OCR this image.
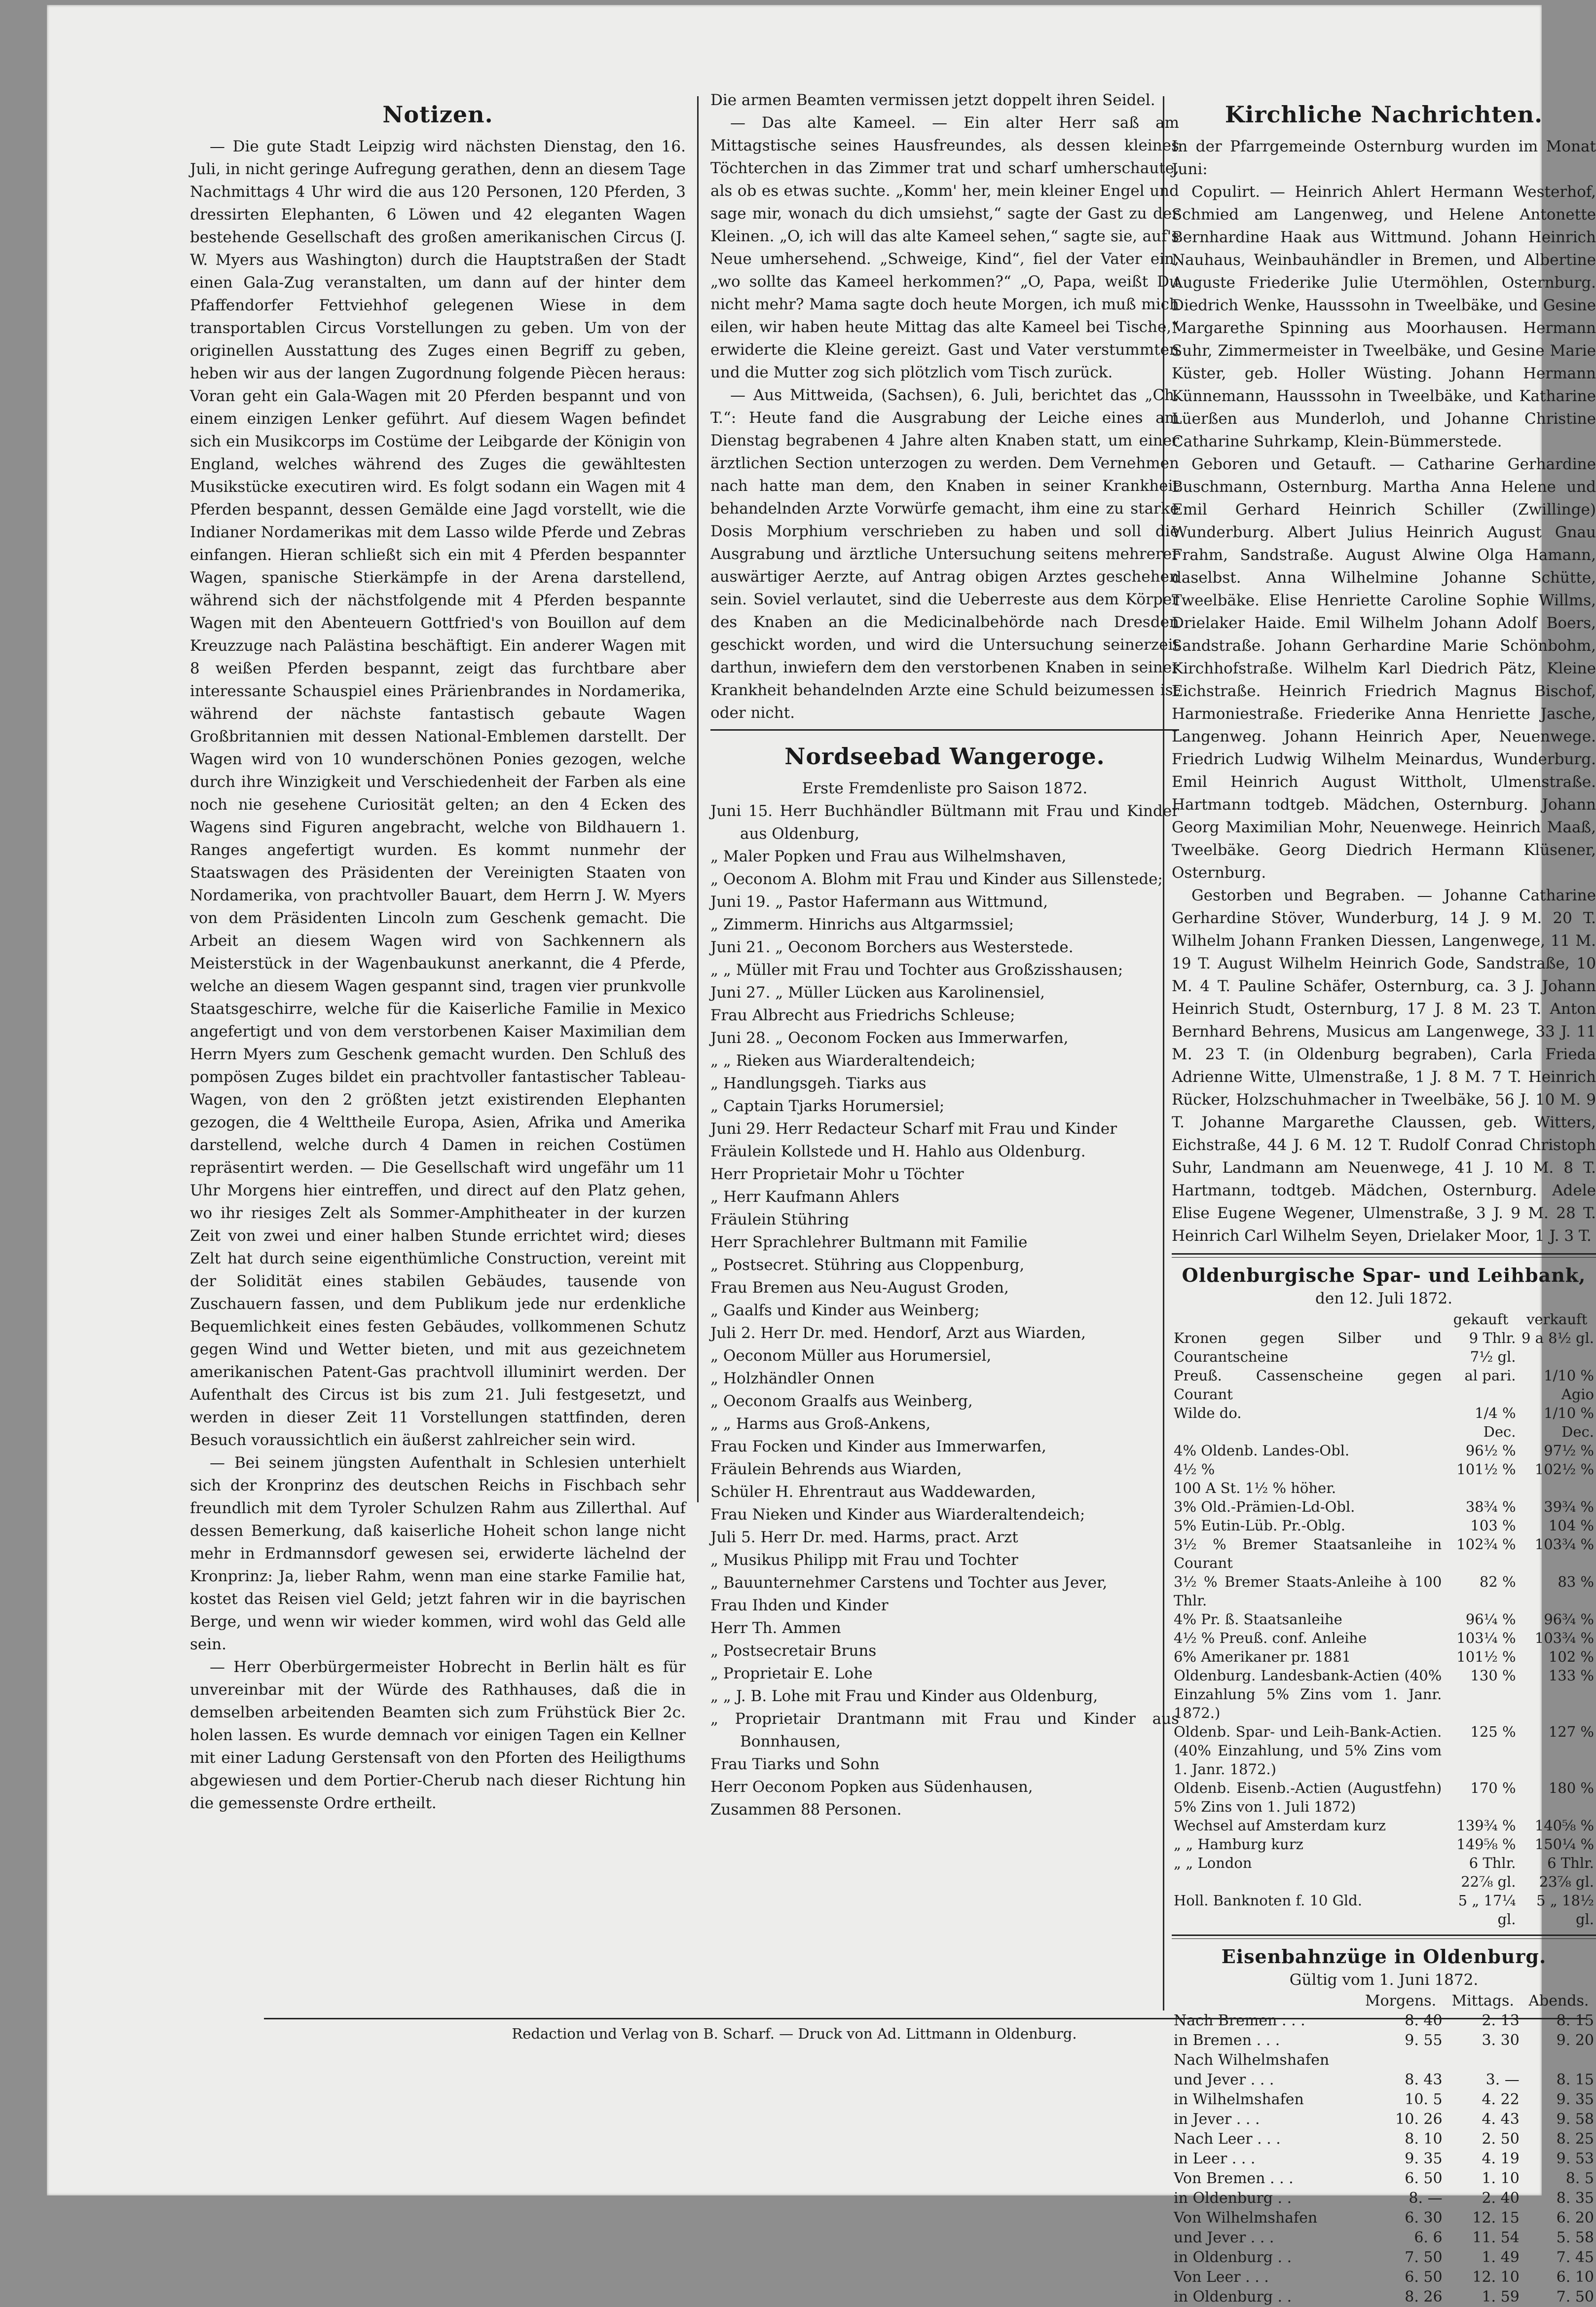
Notizen.

— Die gute Stadt Leipzig wird nächsten Dienstag, den 16. Juli, in nicht geringe Aufregung gerathen, denn an diesem Tage Nachmittags 4 Uhr wird die aus 120 Personen, 120 Pferden, 3 dressirten Elephanten, 6 Löwen und 42 eleganten Wagen bestehende Gesellschaft des großen amerikanischen Circus (J. W. Myers aus Washington) durch die Hauptstraßen der Stadt einen Gala-Zug veranstalten, um dann auf der hinter dem Pfaffendorfer Fettviehhof gelegenen Wiese in dem transportablen Circus Vorstellungen zu geben. Um von der originellen Ausstattung des Zuges einen Begriff zu geben, heben wir aus der langen Zugordnung folgende Piècen heraus: Voran geht ein Gala-Wagen mit 20 Pferden bespannt und von einem einzigen Lenker geführt. Auf diesem Wagen befindet sich ein Musikcorps im Costüme der Leibgarde der Königin von England, welches während des Zuges die gewähltesten Musikstücke executiren wird. Es folgt sodann ein Wagen mit 4 Pferden bespannt, dessen Gemälde eine Jagd vorstellt, wie die Indianer Nordamerikas mit dem Lasso wilde Pferde und Zebras einfangen. Hieran schließt sich ein mit 4 Pferden bespannter Wagen, spanische Stierkämpfe in der Arena darstellend, während sich der nächstfolgende mit 4 Pferden bespannte Wagen mit den Abenteuern Gottfried's von Bouillon auf dem Kreuzzuge nach Palästina beschäftigt. Ein anderer Wagen mit 8 weißen Pferden bespannt, zeigt das furchtbare aber interessante Schauspiel eines Prärienbrandes in Nordamerika, während der nächste fantastisch gebaute Wagen Großbritannien mit dessen National-Emblemen darstellt. Der Wagen wird von 10 wunderschönen Ponies gezogen, welche durch ihre Winzigkeit und Verschiedenheit der Farben als eine noch nie gesehene Curiosität gelten; an den 4 Ecken des Wagens sind Figuren angebracht, welche von Bildhauern 1. Ranges angefertigt wurden. Es kommt nunmehr der Staatswagen des Präsidenten der Vereinigten Staaten von Nordamerika, von prachtvoller Bauart, dem Herrn J. W. Myers von dem Präsidenten Lincoln zum Geschenk gemacht. Die Arbeit an diesem Wagen wird von Sachkennern als Meisterstück in der Wagenbaukunst anerkannt, die 4 Pferde, welche an diesem Wagen gespannt sind, tragen vier prunkvolle Staatsgeschirre, welche für die Kaiserliche Familie in Mexico angefertigt und von dem verstorbenen Kaiser Maximilian dem Herrn Myers zum Geschenk gemacht wurden. Den Schluß des pompösen Zuges bildet ein prachtvoller fantastischer Tableau-Wagen, von den 2 größten jetzt existirenden Elephanten gezogen, die 4 Welttheile Europa, Asien, Afrika und Amerika darstellend, welche durch 4 Damen in reichen Costümen repräsentirt werden. — Die Gesellschaft wird ungefähr um 11 Uhr Morgens hier eintreffen, und direct auf den Platz gehen, wo ihr riesiges Zelt als Sommer-Amphitheater in der kurzen Zeit von zwei und einer halben Stunde errichtet wird; dieses Zelt hat durch seine eigenthümliche Construction, vereint mit der Solidität eines stabilen Gebäudes, tausende von Zuschauern fassen, und dem Publikum jede nur erdenkliche Bequemlichkeit eines festen Gebäudes, vollkommenen Schutz gegen Wind und Wetter bieten, und mit aus gezeichnetem amerikanischen Patent-Gas prachtvoll illuminirt werden. Der Aufenthalt des Circus ist bis zum 21. Juli festgesetzt, und werden in dieser Zeit 11 Vorstellungen stattfinden, deren Besuch voraussichtlich ein äußerst zahlreicher sein wird.

— Bei seinem jüngsten Aufenthalt in Schlesien unterhielt sich der Kronprinz des deutschen Reichs in Fischbach sehr freundlich mit dem Tyroler Schulzen Rahm aus Zillerthal. Auf dessen Bemerkung, daß kaiserliche Hoheit schon lange nicht mehr in Erdmannsdorf gewesen sei, erwiderte lächelnd der Kronprinz: Ja, lieber Rahm, wenn man eine starke Familie hat, kostet das Reisen viel Geld; jetzt fahren wir in die bayrischen Berge, und wenn wir wieder kommen, wird wohl das Geld alle sein.

— Herr Oberbürgermeister Hobrecht in Berlin hält es für unvereinbar mit der Würde des Rathhauses, daß die in demselben arbeitenden Beamten sich zum Frühstück Bier 2c. holen lassen. Es wurde demnach vor einigen Tagen ein Kellner mit einer Ladung Gerstensaft von den Pforten des Heiligthums abgewiesen und dem Portier-Cherub nach dieser Richtung hin die gemessenste Ordre ertheilt.

Die armen Beamten vermissen jetzt doppelt ihren Seidel.

— Das alte Kameel. — Ein alter Herr saß am Mittagstische seines Hausfreundes, als dessen kleines Töchterchen in das Zimmer trat und scharf umherschaute, als ob es etwas suchte. „Komm' her, mein kleiner Engel und sage mir, wonach du dich umsiehst,“ sagte der Gast zu der Kleinen. „O, ich will das alte Kameel sehen,“ sagte sie, auf's Neue umhersehend. „Schweige, Kind“, fiel der Vater ein, „wo sollte das Kameel herkommen?“ „O, Papa, weißt Du nicht mehr? Mama sagte doch heute Morgen, ich muß mich eilen, wir haben heute Mittag das alte Kameel bei Tische,“ erwiderte die Kleine gereizt. Gast und Vater verstummten und die Mutter zog sich plötzlich vom Tisch zurück.

— Aus Mittweida, (Sachsen), 6. Juli, berichtet das „Ch. T.“: Heute fand die Ausgrabung der Leiche eines am Dienstag begrabenen 4 Jahre alten Knaben statt, um einer ärztlichen Section unterzogen zu werden. Dem Vernehmen nach hatte man dem, den Knaben in seiner Krankheit behandelnden Arzte Vorwürfe gemacht, ihm eine zu starke Dosis Morphium verschrieben zu haben und soll die Ausgrabung und ärztliche Untersuchung seitens mehrerer auswärtiger Aerzte, auf Antrag obigen Arztes geschehen sein. Soviel verlautet, sind die Ueberreste aus dem Körper des Knaben an die Medicinalbehörde nach Dresden geschickt worden, und wird die Untersuchung seinerzeit darthun, inwiefern dem den verstorbenen Knaben in seiner Krankheit behandelnden Arzte eine Schuld beizumessen ist oder nicht.

Nordseebad Wangeroge.
Erste Fremdenliste pro Saison 1872.
Juni 15. Herr Buchhändler Bültmann mit Frau und Kinder aus Oldenburg,
„ Maler Popken und Frau aus Wilhelmshaven,
„ Oeconom A. Blohm mit Frau und Kinder aus Sillenstede;
Juni 19. „ Pastor Hafermann aus Wittmund,
„ Zimmerm. Hinrichs aus Altgarmssiel;
Juni 21. „ Oeconom Borchers aus Westerstede.
„ „ Müller mit Frau und Tochter aus Großzisshausen;
Juni 27. „ Müller Lücken aus Karolinensiel,
Frau Albrecht aus Friedrichs Schleuse;
Juni 28. „ Oeconom Focken aus Immerwarfen,
„ „ Rieken aus Wiarderaltendeich;
„ Handlungsgeh. Tiarks aus
„ Captain Tjarks Horumersiel;
Juni 29. Herr Redacteur Scharf mit Frau und Kinder
Fräulein Kollstede und H. Hahlo aus Oldenburg.
Herr Proprietair Mohr u Töchter
„ Herr Kaufmann Ahlers
Fräulein Stühring
Herr Sprachlehrer Bultmann mit Familie
„ Postsecret. Stühring aus Cloppenburg,
Frau Bremen aus Neu-August Groden,
„ Gaalfs und Kinder aus Weinberg;
Juli 2. Herr Dr. med. Hendorf, Arzt aus Wiarden,
„ Oeconom Müller aus Horumersiel,
„ Holzhändler Onnen
„ Oeconom Graalfs aus Weinberg,
„ „ Harms aus Groß-Ankens,
Frau Focken und Kinder aus Immerwarfen,
Fräulein Behrends aus Wiarden,
Schüler H. Ehrentraut aus Waddewarden,
Frau Nieken und Kinder aus Wiarderaltendeich;
Juli 5. Herr Dr. med. Harms, pract. Arzt
„ Musikus Philipp mit Frau und Tochter
„ Bauunternehmer Carstens und Tochter aus Jever,
Frau Ihden und Kinder
Herr Th. Ammen
„ Postsecretair Bruns
„ Proprietair E. Lohe
„ „ J. B. Lohe mit Frau und Kinder aus Oldenburg,
„ Proprietair Drantmann mit Frau und Kinder aus Bonnhausen,
Frau Tiarks und Sohn
Herr Oeconom Popken aus Südenhausen,
Zusammen 88 Personen.
Kirchliche Nachrichten.

In der Pfarrgemeinde Osternburg wurden im Monat Juni:

Copulirt. — Heinrich Ahlert Hermann Westerhof, Schmied am Langenweg, und Helene Antonette Bernhardine Haak aus Wittmund. Johann Heinrich Nauhaus, Weinbauhändler in Bremen, und Albertine Auguste Friederike Julie Utermöhlen, Osternburg. Diedrich Wenke, Hausssohn in Tweelbäke, und Gesine Margarethe Spinning aus Moorhausen. Hermann Suhr, Zimmermeister in Tweelbäke, und Gesine Marie Küster, geb. Holler Wüsting. Johann Hermann Künnemann, Hausssohn in Tweelbäke, und Katharine Lüerßen aus Munderloh, und Johanne Christine Catharine Suhrkamp, Klein-Bümmerstede.

Geboren und Getauft. — Catharine Gerhardine Buschmann, Osternburg. Martha Anna Helene und Emil Gerhard Heinrich Schiller (Zwillinge) Wunderburg. Albert Julius Heinrich August Gnau Frahm, Sandstraße. August Alwine Olga Hamann, daselbst. Anna Wilhelmine Johanne Schütte, Tweelbäke. Elise Henriette Caroline Sophie Willms, Drielaker Haide. Emil Wilhelm Johann Adolf Boers, Sandstraße. Johann Gerhardine Marie Schönbohm, Kirchhofstraße. Wilhelm Karl Diedrich Pätz, Kleine Eichstraße. Heinrich Friedrich Magnus Bischof, Harmoniestraße. Friederike Anna Henriette Jasche, Langenweg. Johann Heinrich Aper, Neuenwege. Friedrich Ludwig Wilhelm Meinardus, Wunderburg. Emil Heinrich August Wittholt, Ulmenstraße. Hartmann todtgeb. Mädchen, Osternburg. Johann Georg Maximilian Mohr, Neuenwege. Heinrich Maaß, Tweelbäke. Georg Diedrich Hermann Klüsener, Osternburg.

Gestorben und Begraben. — Johanne Catharine Gerhardine Stöver, Wunderburg, 14 J. 9 M. 20 T. Wilhelm Johann Franken Diessen, Langenwege, 11 M. 19 T. August Wilhelm Heinrich Gode, Sandstraße, 10 M. 4 T. Pauline Schäfer, Osternburg, ca. 3 J. Johann Heinrich Studt, Osternburg, 17 J. 8 M. 23 T. Anton Bernhard Behrens, Musicus am Langenwege, 33 J. 11 M. 23 T. (in Oldenburg begraben), Carla Frieda Adrienne Witte, Ulmenstraße, 1 J. 8 M. 7 T. Heinrich Rücker, Holzschuhmacher in Tweelbäke, 56 J. 10 M. 9 T. Johanne Margarethe Claussen, geb. Witters, Eichstraße, 44 J. 6 M. 12 T. Rudolf Conrad Christoph Suhr, Landmann am Neuenwege, 41 J. 10 M. 8 T. Hartmann, todtgeb. Mädchen, Osternburg. Adele Elise Eugene Wegener, Ulmenstraße, 3 J. 9 M. 28 T. Heinrich Carl Wilhelm Seyen, Drielaker Moor, 1 J. 3 T.

Oldenburgische Spar- und Leihbank,
den 12. Juli 1872.
	gekauft	verkauft
Kronen gegen Silber und Courantscheine	9 Thlr. 7½ gl.	9 a 8½ gl.
Preuß. Cassenscheine gegen Courant	al pari.	1/10 % Agio
Wilde do.	1/4 % Dec.	1/10 % Dec.
4% Oldenb. Landes-Obl.	96½ %	97½ %
4½ %	101½ %	102½ %
100 A St. 1½ % höher.		
3% Old.-Prämien-Ld-Obl.	38¾ %	39¾ %
5% Eutin-Lüb. Pr.-Oblg.	103 %	104 %
3½ % Bremer Staatsanleihe in Courant	102¾ %	103¾ %
3½ % Bremer Staats-Anleihe à 100 Thlr.	82 %	83 %
4% Pr. ß. Staatsanleihe	96¼ %	96¾ %
4½ % Preuß. conf. Anleihe	103¼ %	103¾ %
6% Amerikaner pr. 1881	101½ %	102 %
Oldenburg. Landesbank-Actien (40% Einzahlung 5% Zins vom 1. Janr. 1872.)	130 %	133 %
Oldenb. Spar- und Leih-Bank-Actien. (40% Einzahlung, und 5% Zins vom 1. Janr. 1872.)	125 %	127 %
Oldenb. Eisenb.-Actien (Augustfehn) 5% Zins von 1. Juli 1872)	170 %	180 %
Wechsel auf Amsterdam kurz	139¾ %	140⅝ %
„ „ Hamburg kurz	149⅝ %	150¼ %
„ „ London	6 Thlr. 22⅞ gl.	6 Thlr. 23⅞ gl.
Holl. Banknoten f. 10 Gld.	5 „ 17¼ gl.	5 „ 18½ gl.
Eisenbahnzüge in Oldenburg.
Gültig vom 1. Juni 1872.
	Morgens.	Mittags.	Abends.
Nach Bremen . . .	8. 40	2. 13	8. 15
in Bremen . . .	9. 55	3. 30	9. 20
Nach Wilhelmshafen			
und Jever . . .	8. 43	3. —	8. 15
in Wilhelmshafen	10. 5	4. 22	9. 35
in Jever . . .	10. 26	4. 43	9. 58
Nach Leer . . .	8. 10	2. 50	8. 25
in Leer . . .	9. 35	4. 19	9. 53
Von Bremen . . .	6. 50	1. 10	8. 5
in Oldenburg . .	8. —	2. 40	8. 35
Von Wilhelmshafen	6. 30	12. 15	6. 20
und Jever . . .	6. 6	11. 54	5. 58
in Oldenburg . .	7. 50	1. 49	7. 45
Von Leer . . .	6. 50	12. 10	6. 10
in Oldenburg . .	8. 26	1. 59	7. 50
Redaction und Verlag von B. Scharf. — Druck von Ad. Littmann in Oldenburg.
